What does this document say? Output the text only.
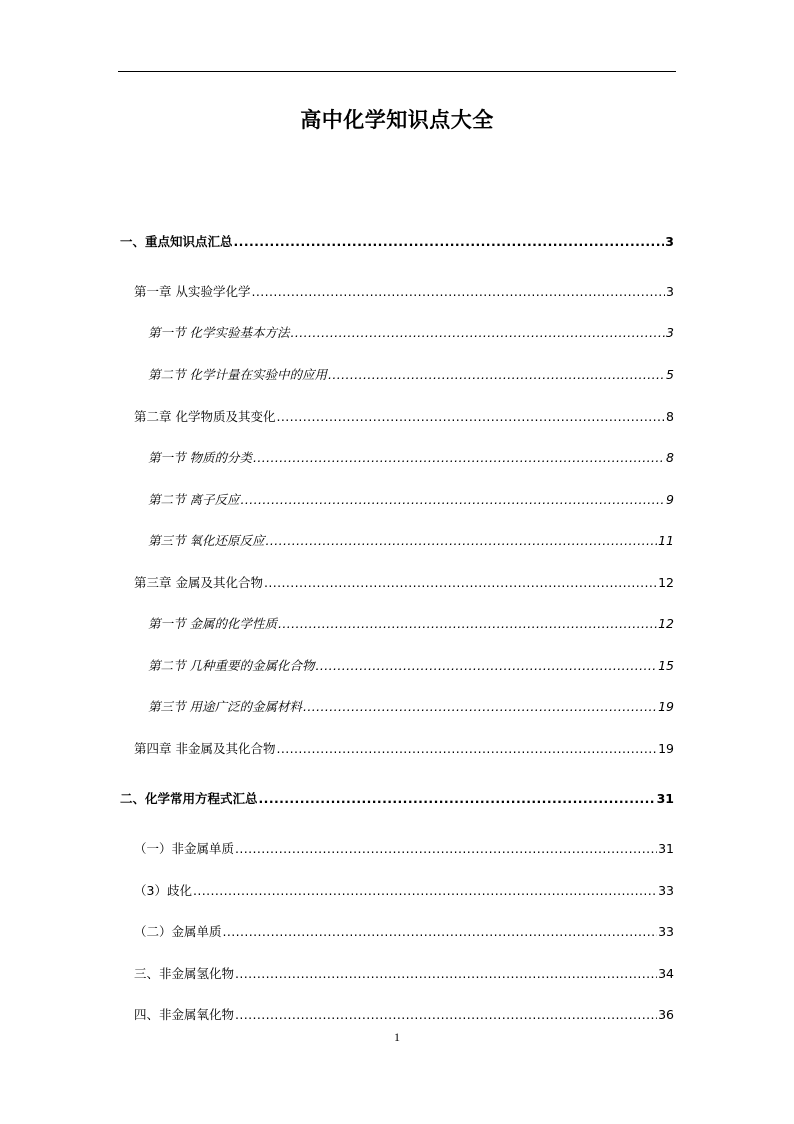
高中化学知识点大全
一、重点知识点汇总 .....	3
第一章 从实验学化学 .....	3
第一节 化学实验基本方法 .....	3
第二节 化学计量在实验中的应用 .....	5
第二章 化学物质及其变化 .....	8
第一节 物质的分类 .....	8
第二节 离子反应 .....	9
第三节 氧化还原反应 .....	11
第三章 金属及其化合物 .....	12
第一节 金属的化学性质 .....	12
第二节 几种重要的金属化合物 .....	15
第三节 用途广泛的金属材料 .....	19
第四章 非金属及其化合物 .....	19
二、化学常用方程式汇总 .....	31
（一）非金属单质 .....	31
（3）歧化 .....	33
（二）金属单质 .....	33
三、非金属氢化物 .....	34
四、非金属氧化物 .....	36
1
